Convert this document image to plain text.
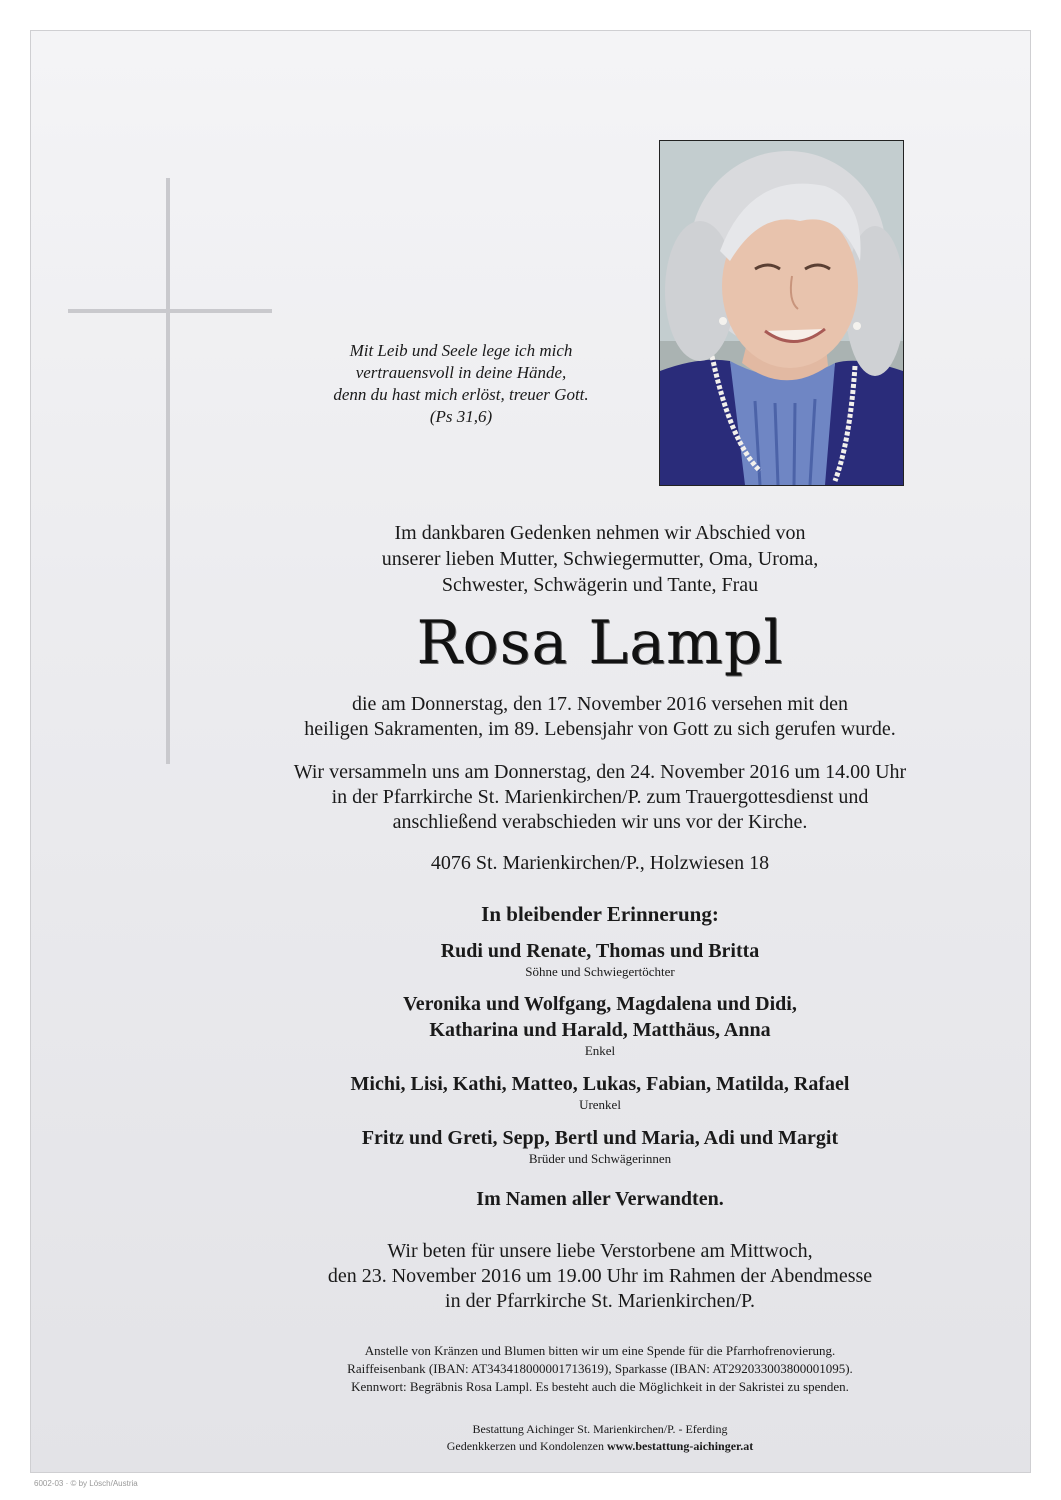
Mit Leib und Seele lege ich mich
vertrauensvoll in deine Hände,
denn du hast mich erlöst, treuer Gott.
(Ps 31,6)
Im dankbaren Gedenken nehmen wir Abschied von
unserer lieben Mutter, Schwiegermutter, Oma, Uroma,
Schwester, Schwägerin und Tante, Frau
Rosa Lampl
die am Donnerstag, den 17. November 2016 versehen mit den
heiligen Sakramenten, im 89. Lebensjahr von Gott zu sich gerufen wurde.
Wir versammeln uns am Donnerstag, den 24. November 2016 um 14.00 Uhr
in der Pfarrkirche St. Marienkirchen/P. zum Trauergottesdienst und
anschließend verabschieden wir uns vor der Kirche.
4076 St. Marienkirchen/P., Holzwiesen 18
In bleibender Erinnerung:
Rudi und Renate, Thomas und Britta
Söhne und Schwiegertöchter
Veronika und Wolfgang, Magdalena und Didi,
Katharina und Harald, Matthäus, Anna
Enkel
Michi, Lisi, Kathi, Matteo, Lukas, Fabian, Matilda, Rafael
Urenkel
Fritz und Greti, Sepp, Bertl und Maria, Adi und Margit
Brüder und Schwägerinnen
Im Namen aller Verwandten.
Wir beten für unsere liebe Verstorbene am Mittwoch,
den 23. November 2016 um 19.00 Uhr im Rahmen der Abendmesse
in der Pfarrkirche St. Marienkirchen/P.
Anstelle von Kränzen und Blumen bitten wir um eine Spende für die Pfarrhofrenovierung.
Raiffeisenbank (IBAN: AT343418000001713619), Sparkasse (IBAN: AT292033003800001095).
Kennwort: Begräbnis Rosa Lampl. Es besteht auch die Möglichkeit in der Sakristei zu spenden.
Bestattung Aichinger St. Marienkirchen/P. - Eferding
Gedenkkerzen und Kondolenzen www.bestattung-aichinger.at
6002-03 · © by Lösch/Austria
